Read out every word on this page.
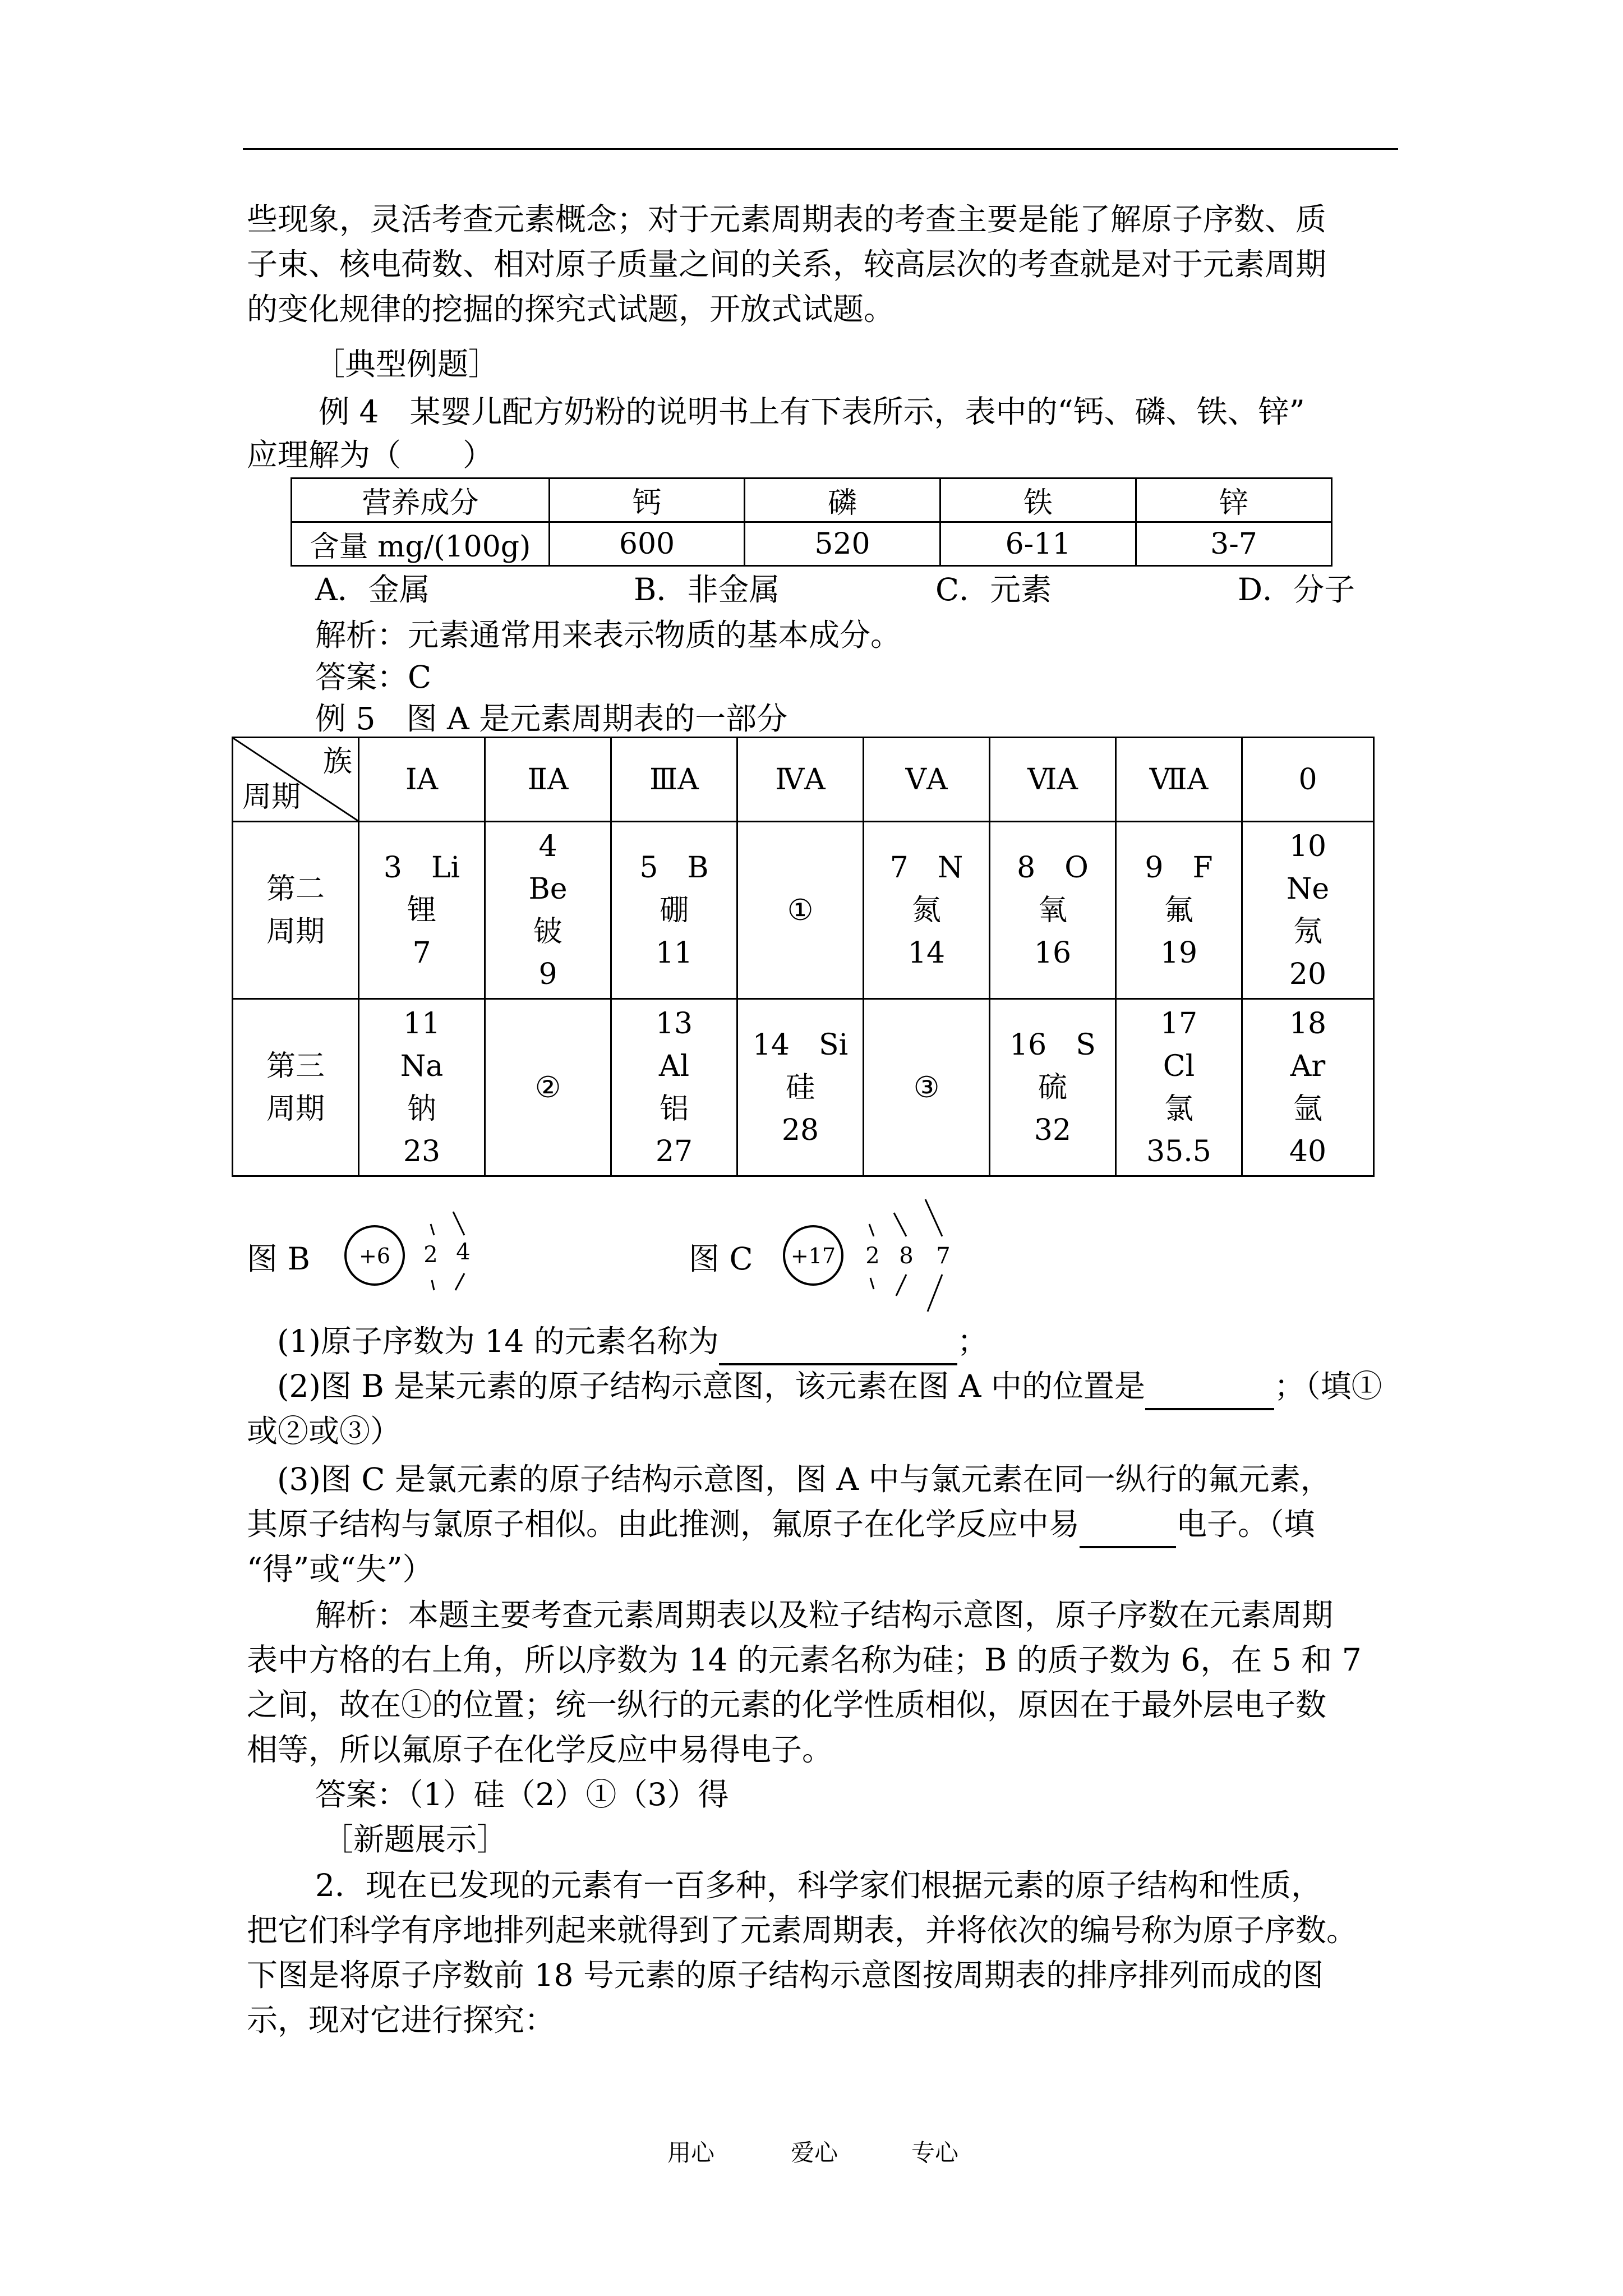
些现象，灵活考查元素概念；对于元素周期表的考查主要是能了解原子序数、质
子束、核电荷数、相对原子质量之间的关系，较高层次的考查就是对于元素周期
的变化规律的挖掘的探究式试题，开放式试题。
［典型例题］
例 4　某婴儿配方奶粉的说明书上有下表所示，表中的“钙、磷、铁、锌”
应理解为（　　）
营养成分	钙	磷	铁	锌
含量 mg/(100g)	600	520	6-11	3-7
A．金属	B．非金属	C．元素	D．分子
解析：元素通常用来表示物质的基本成分。
答案：C
例 5　图 A 是元素周期表的一部分
族
周期	ⅠA	ⅡA	ⅢA	ⅣA	ⅤA	ⅥA	ⅦA	0

第二
周期	3　Li
锂
7	4
Be
铍
9	5　B
硼
11	①	7　N
氮
14	8　O
氧
16	9　F
氟
19	10
Ne
氖
20

第三
周期	11
Na
钠
23	②	13
Al
铝
27	14　Si
硅
28	③	16　S
硫
32	17
Cl
氯
35.5	18
Ar
氩
40
图 B +6 2 4	图 C +17 2 8 7
(1)原子序数为 14 的元素名称为	；
(2)图 B 是某元素的原子结构示意图，该元素在图 A 中的位置是	；（填①
或②或③）
(3)图 C 是氯元素的原子结构示意图，图 A 中与氯元素在同一纵行的氟元素，
其原子结构与氯原子相似。由此推测，氟原子在化学反应中易	电子。（填
“得”或“失”）
解析：本题主要考查元素周期表以及粒子结构示意图，原子序数在元素周期
表中方格的右上角，所以序数为 14 的元素名称为硅；B 的质子数为 6，在 5 和 7
之间，故在①的位置；统一纵行的元素的化学性质相似，原因在于最外层电子数
相等，所以氟原子在化学反应中易得电子。
答案：（1）硅（2）①（3）得
［新题展示］
2．现在已发现的元素有一百多种，科学家们根据元素的原子结构和性质，
把它们科学有序地排列起来就得到了元素周期表，并将依次的编号称为原子序数。
下图是将原子序数前 18 号元素的原子结构示意图按周期表的排序排列而成的图
示，现对它进行探究：
用心	爱心	专心
